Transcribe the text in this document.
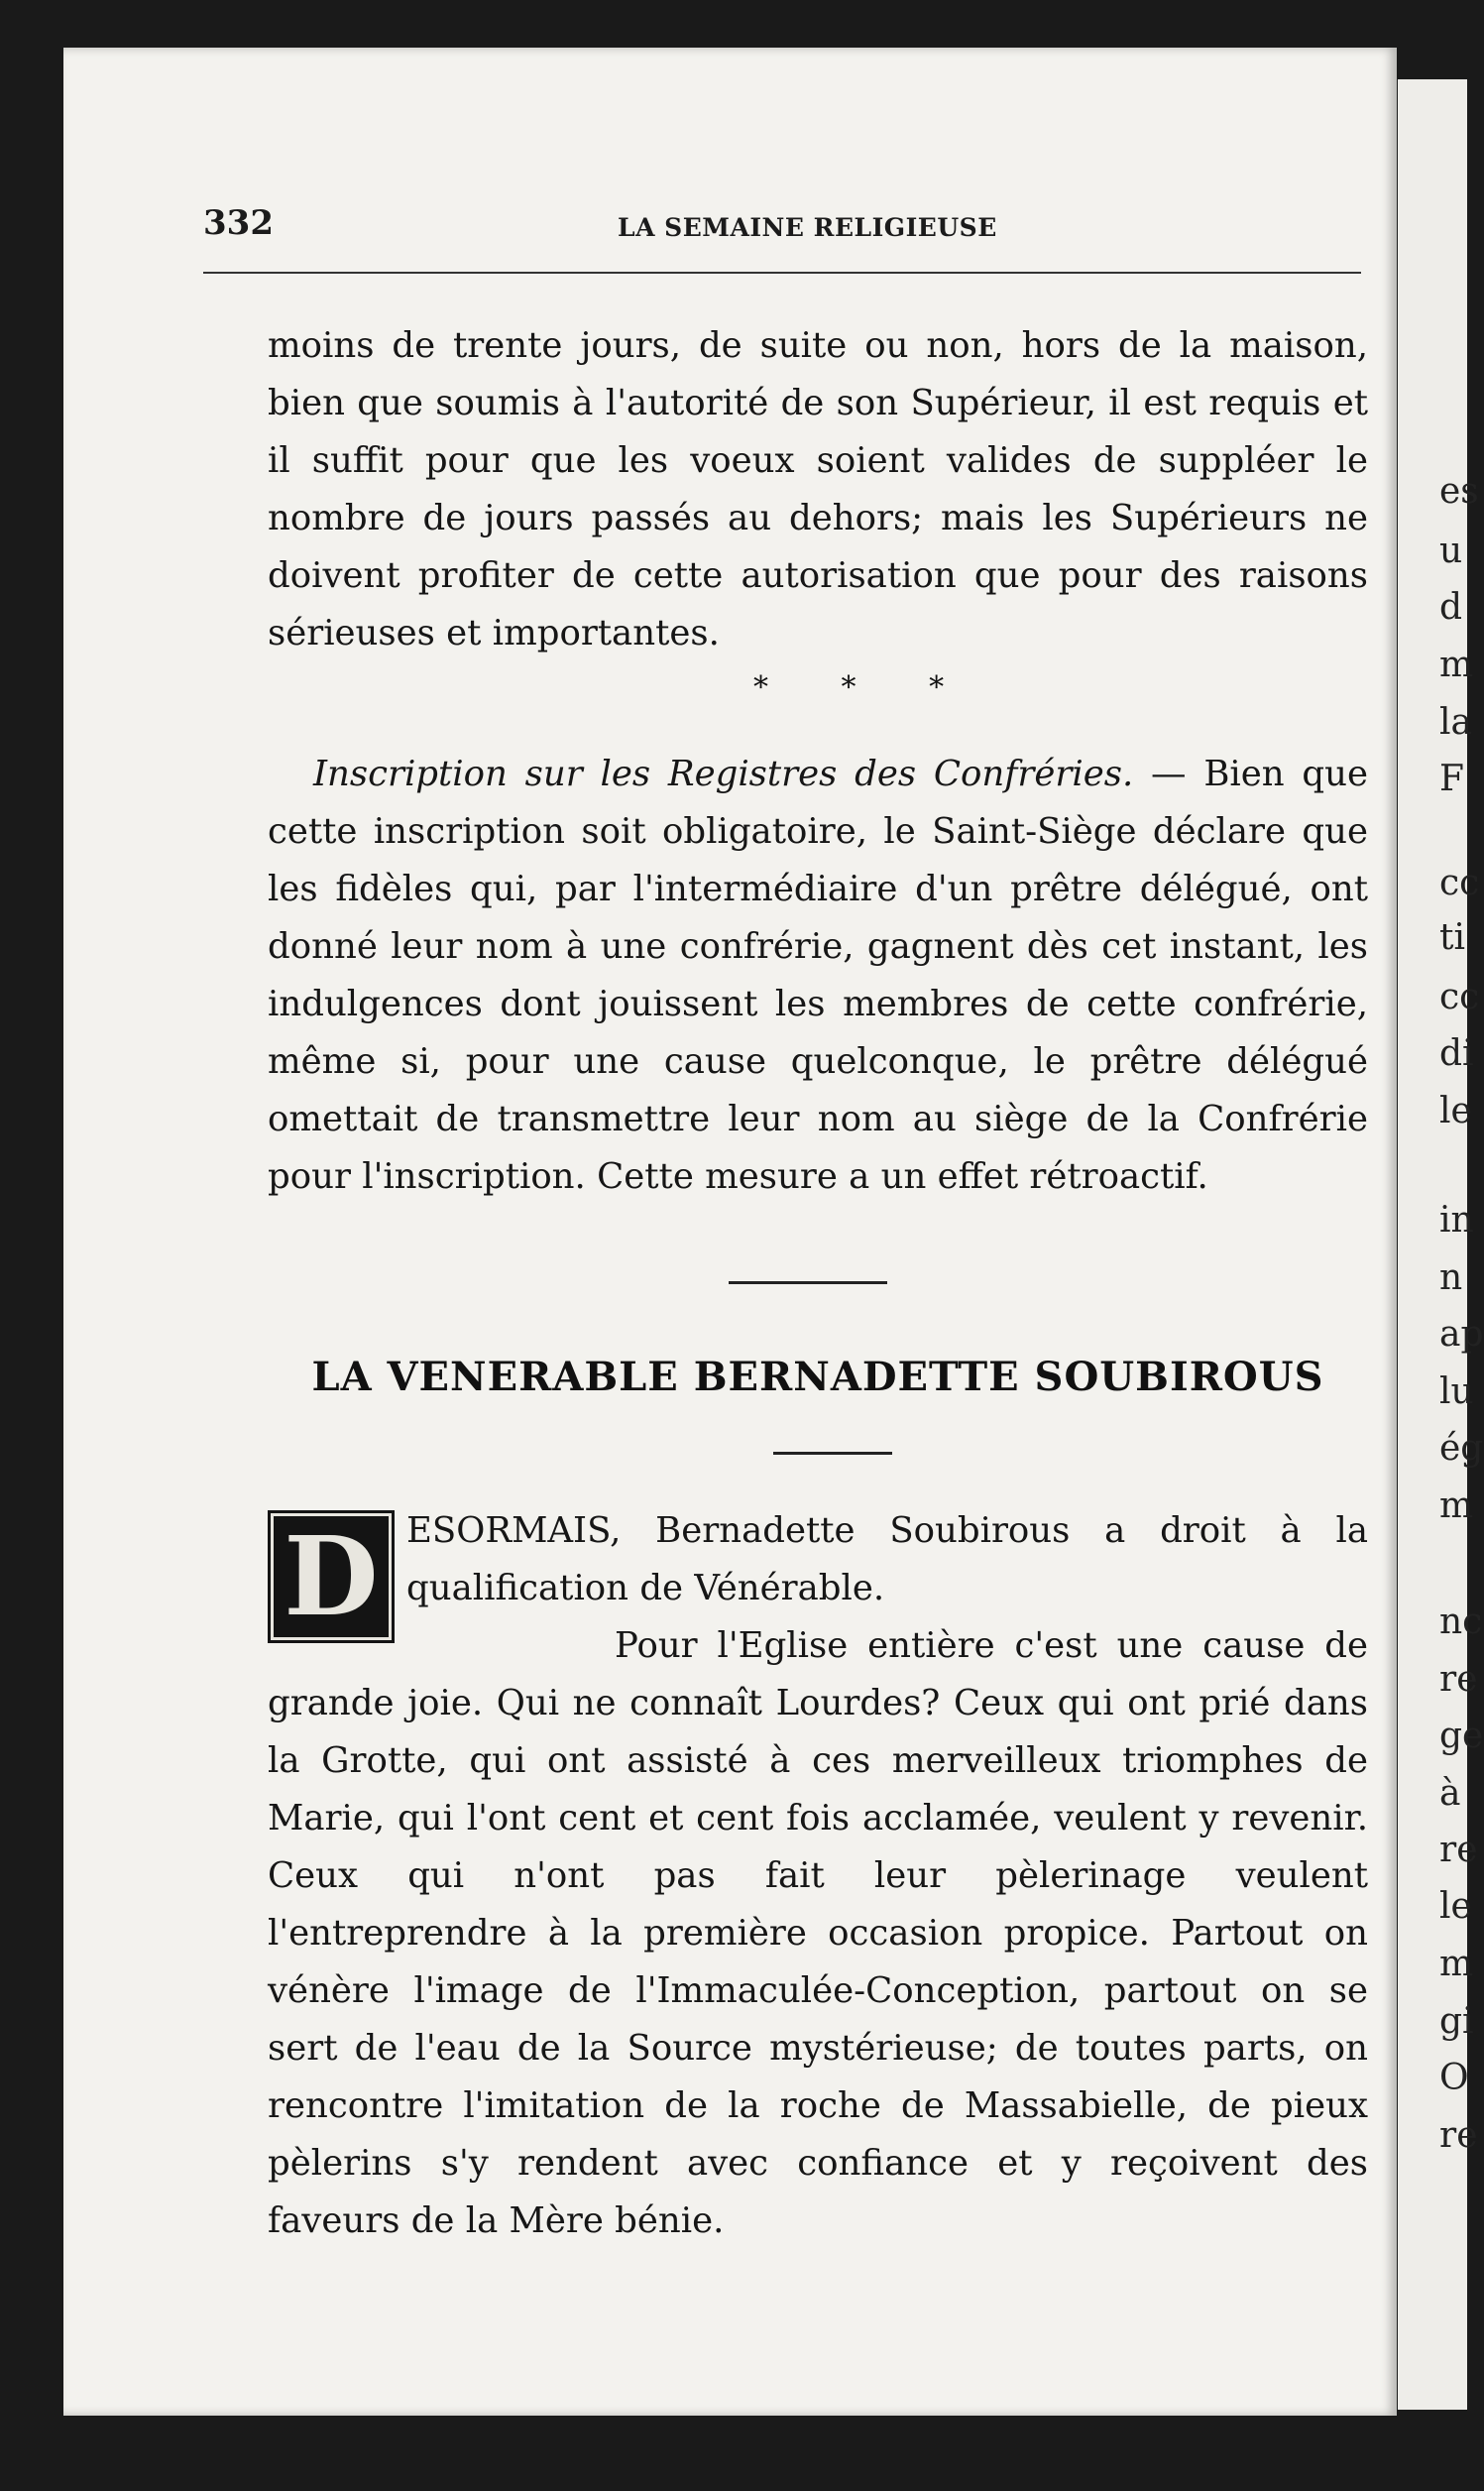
es
u
d
m
la
F
cc
ti
cc
di
le
in
n
ap
lu
ég
m
nc
re
ge
à
re
le
m
gi
O
re
332	LA SEMAINE RELIGIEUSE

moins de trente jours, de suite ou non, hors de la maison, bien que soumis à l'autorité de son Supérieur, il est requis et il suffit pour que les voeux soient valides de suppléer le nombre de jours passés au dehors; mais les Supérieurs ne doivent profiter de cette autorisation que pour des raisons sérieuses et importantes.

* * *

Inscription sur les Registres des Confréries. — Bien que cette inscription soit obligatoire, le Saint-Siège déclare que les fidèles qui, par l'intermédiaire d'un prêtre délégué, ont donné leur nom à une confrérie, gagnent dès cet instant, les indulgences dont jouissent les membres de cette confrérie, même si, pour une cause quelconque, le prêtre délégué omettait de transmettre leur nom au siège de la Confrérie pour l'inscription. Cette mesure a un effet rétroactif.

LA VENERABLE BERNADETTE SOUBIROUS
D ESORMAIS, Bernadette Soubirous a droit à la qualification de Vénérable.
Pour l'Eglise entière c'est une cause de grande joie. Qui ne connaît Lourdes? Ceux qui ont prié dans la Grotte, qui ont assisté à ces merveilleux triomphes de Marie, qui l'ont cent et cent fois acclamée, veulent y revenir. Ceux qui n'ont pas fait leur pèlerinage veulent l'entreprendre à la première occasion propice. Partout on vénère l'image de l'Immaculée-Conception, partout on se sert de l'eau de la Source mystérieuse; de toutes parts, on rencontre l'imitation de la roche de Massabielle, de pieux pèlerins s'y rendent avec confiance et y reçoivent des faveurs de la Mère bénie.
